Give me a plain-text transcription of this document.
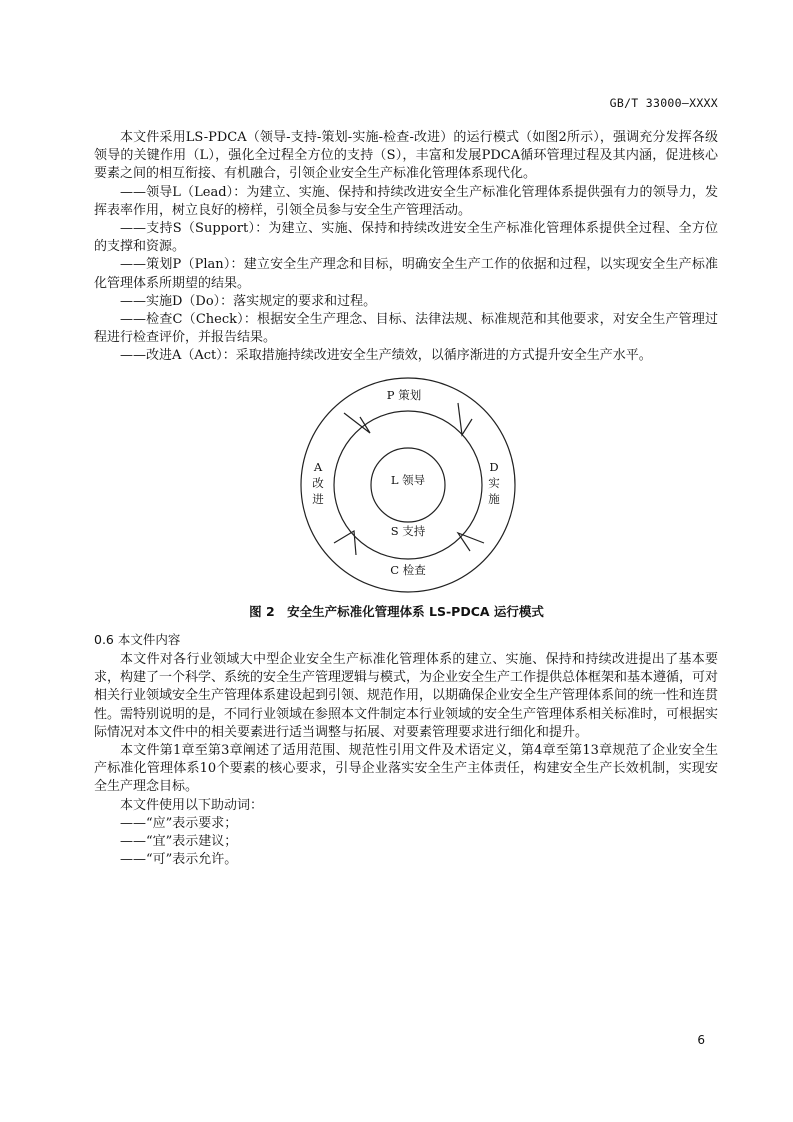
GB/T 33000—XXXX

本文件采用LS-PDCA（领导-支持-策划-实施-检查-改进）的运行模式（如图2所示），强调充分发挥各级领导的关键作用（L），强化全过程全方位的支持（S），丰富和发展PDCA循环管理过程及其内涵，促进核心要素之间的相互衔接、有机融合，引领企业安全生产标准化管理体系现代化。

——领导L（Lead）：为建立、实施、保持和持续改进安全生产标准化管理体系提供强有力的领导力，发挥表率作用，树立良好的榜样，引领全员参与安全生产管理活动。

——支持S（Support）：为建立、实施、保持和持续改进安全生产标准化管理体系提供全过程、全方位的支撑和资源。

——策划P（Plan）：建立安全生产理念和目标，明确安全生产工作的依据和过程，以实现安全生产标准化管理体系所期望的结果。

——实施D（Do）：落实规定的要求和过程。

——检查C（Check）：根据安全生产理念、目标、法律法规、标准规范和其他要求，对安全生产管理过程进行检查评价，并报告结果。

——改进A（Act）：采取措施持续改进安全生产绩效，以循序渐进的方式提升安全生产水平。

P 策划
D
实
施
C 检查
A
改
进
L 领导
S 支持
图 2　安全生产标准化管理体系 LS-PDCA 运行模式
0.6 本文件内容

本文件对各行业领域大中型企业安全生产标准化管理体系的建立、实施、保持和持续改进提出了基本要求，构建了一个科学、系统的安全生产管理逻辑与模式，为企业安全生产工作提供总体框架和基本遵循，可对相关行业领域安全生产管理体系建设起到引领、规范作用，以期确保企业安全生产管理体系间的统一性和连贯性。需特别说明的是，不同行业领域在参照本文件制定本行业领域的安全生产管理体系相关标准时，可根据实际情况对本文件中的相关要素进行适当调整与拓展、对要素管理要求进行细化和提升。

本文件第1章至第3章阐述了适用范围、规范性引用文件及术语定义，第4章至第13章规范了企业安全生产标准化管理体系10个要素的核心要求，引导企业落实安全生产主体责任，构建安全生产长效机制，实现安全生产理念目标。

本文件使用以下助动词：

——“应”表示要求；

——“宜”表示建议；

——“可”表示允许。

6
